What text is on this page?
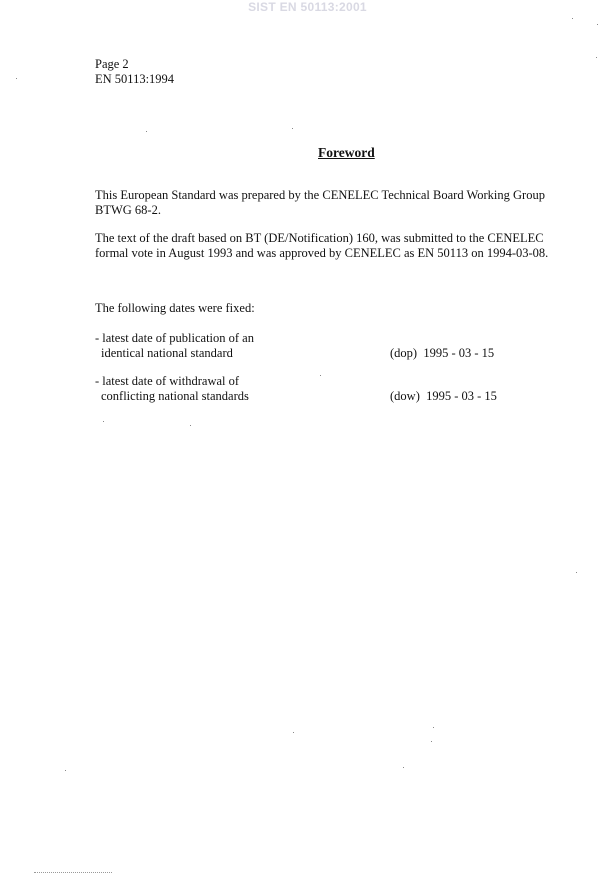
SIST EN 50113:2001
Page 2
EN 50113:1994
Foreword
This European Standard was prepared by the CENELEC Technical Board Working Group BTWG 68-2.
The text of the draft based on BT (DE/Notification) 160, was submitted to the CENELEC formal vote in August 1993 and was approved by CENELEC as EN 50113 on 1994-03-08.
The following dates were fixed:
- latest date of publication of an
identical national standard	(dop) 1995 - 03 - 15
- latest date of withdrawal of
conflicting national standards	(dow) 1995 - 03 - 15
